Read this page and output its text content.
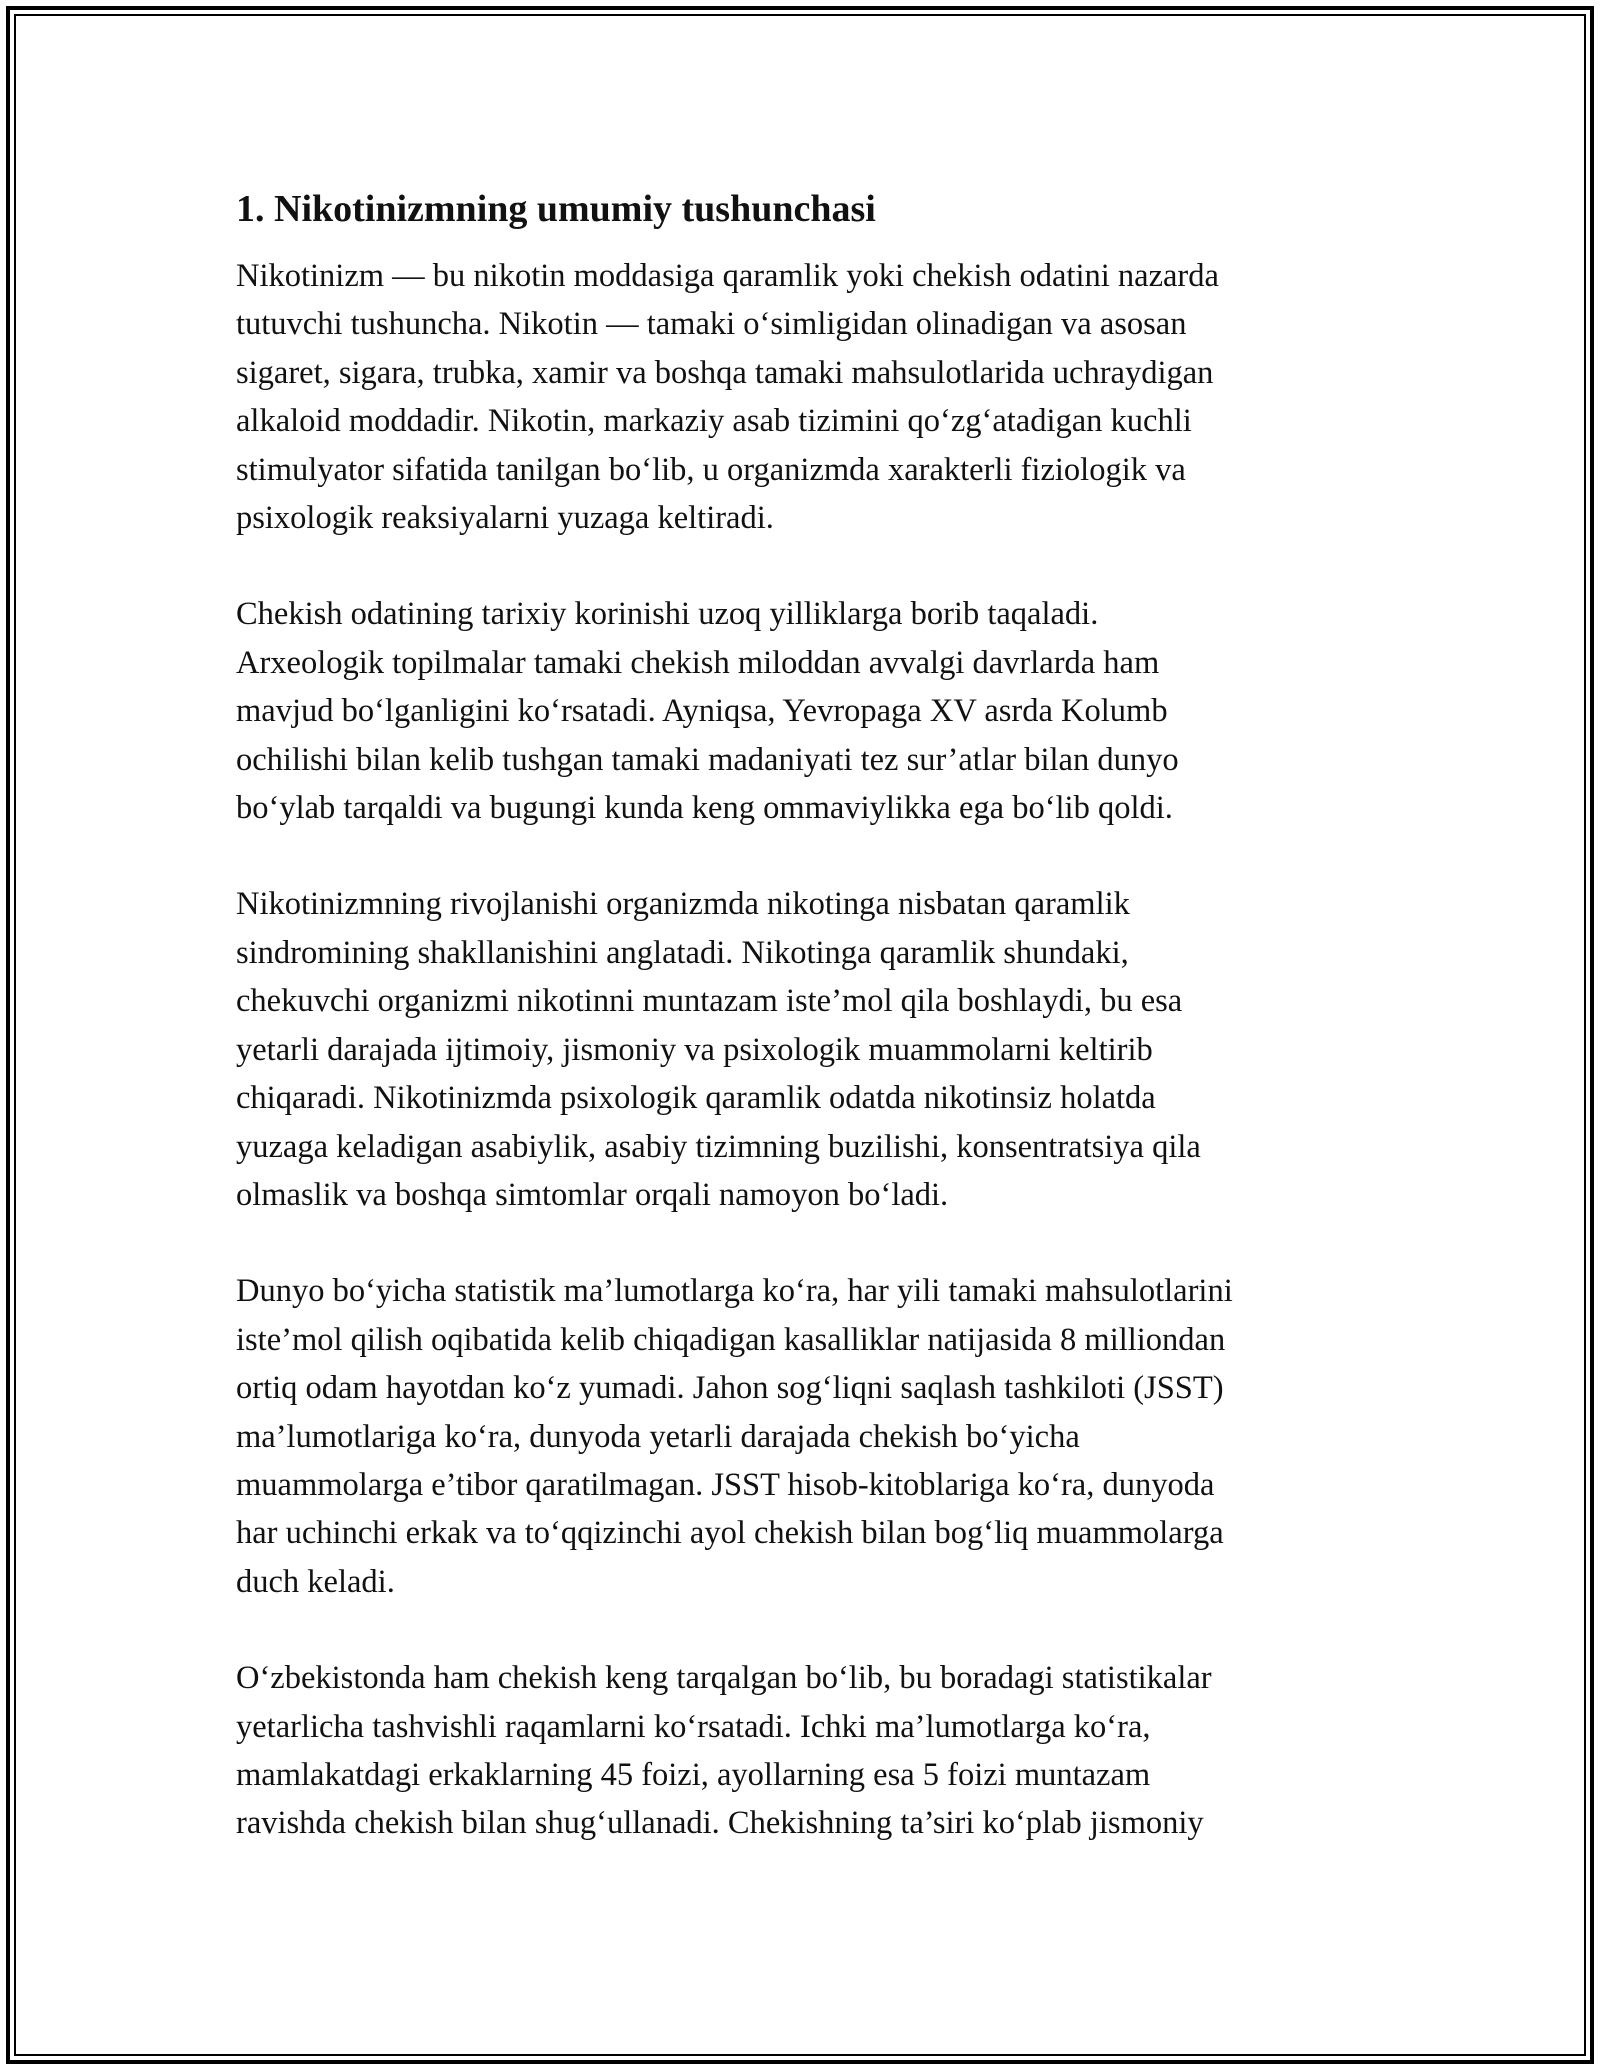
1. Nikotinizmning umumiy tushunchasi

Nikotinizm — bu nikotin moddasiga qaramlik yoki chekish odatini nazarda
tutuvchi tushuncha. Nikotin — tamaki o‘simligidan olinadigan va asosan
sigaret, sigara, trubka, xamir va boshqa tamaki mahsulotlarida uchraydigan
alkaloid moddadir. Nikotin, markaziy asab tizimini qo‘zg‘atadigan kuchli
stimulyator sifatida tanilgan bo‘lib, u organizmda xarakterli fiziologik va
psixologik reaksiyalarni yuzaga keltiradi.

Chekish odatining tarixiy korinishi uzoq yilliklarga borib taqaladi.
Arxeologik topilmalar tamaki chekish miloddan avvalgi davrlarda ham
mavjud bo‘lganligini ko‘rsatadi. Ayniqsa, Yevropaga XV asrda Kolumb
ochilishi bilan kelib tushgan tamaki madaniyati tez sur’atlar bilan dunyo
bo‘ylab tarqaldi va bugungi kunda keng ommaviylikka ega bo‘lib qoldi.

Nikotinizmning rivojlanishi organizmda nikotinga nisbatan qaramlik
sindromining shakllanishini anglatadi. Nikotinga qaramlik shundaki,
chekuvchi organizmi nikotinni muntazam iste’mol qila boshlaydi, bu esa
yetarli darajada ijtimoiy, jismoniy va psixologik muammolarni keltirib
chiqaradi. Nikotinizmda psixologik qaramlik odatda nikotinsiz holatda
yuzaga keladigan asabiylik, asabiy tizimning buzilishi, konsentratsiya qila
olmaslik va boshqa simtomlar orqali namoyon bo‘ladi.

Dunyo bo‘yicha statistik ma’lumotlarga ko‘ra, har yili tamaki mahsulotlarini
iste’mol qilish oqibatida kelib chiqadigan kasalliklar natijasida 8 milliondan
ortiq odam hayotdan ko‘z yumadi. Jahon sog‘liqni saqlash tashkiloti (JSST)
ma’lumotlariga ko‘ra, dunyoda yetarli darajada chekish bo‘yicha
muammolarga e’tibor qaratilmagan. JSST hisob-kitoblariga ko‘ra, dunyoda
har uchinchi erkak va to‘qqizinchi ayol chekish bilan bog‘liq muammolarga
duch keladi.

O‘zbekistonda ham chekish keng tarqalgan bo‘lib, bu boradagi statistikalar
yetarlicha tashvishli raqamlarni ko‘rsatadi. Ichki ma’lumotlarga ko‘ra,
mamlakatdagi erkaklarning 45 foizi, ayollarning esa 5 foizi muntazam
ravishda chekish bilan shug‘ullanadi. Chekishning ta’siri ko‘plab jismoniy
